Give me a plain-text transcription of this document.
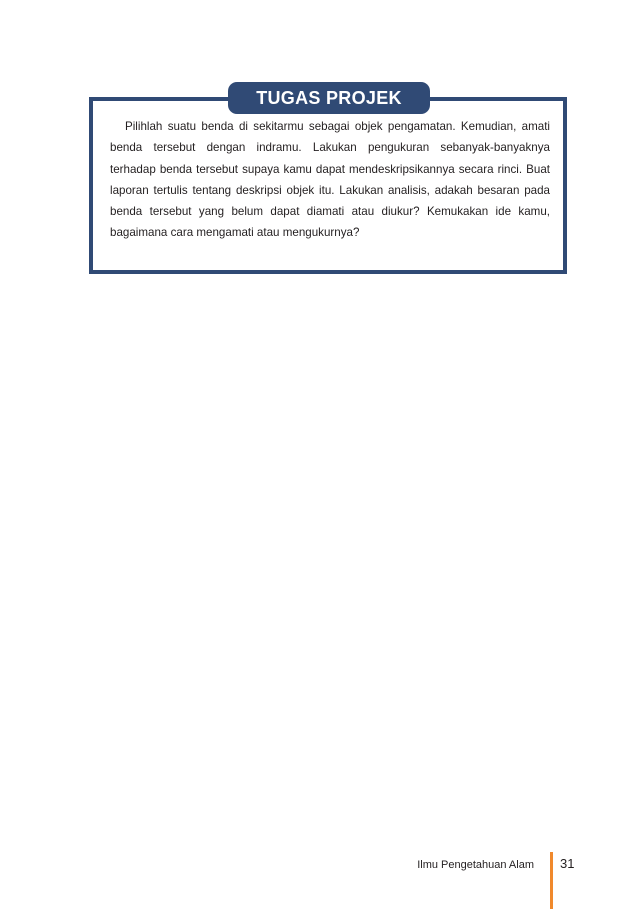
TUGAS PROJEK

Pilihlah suatu benda di sekitarmu sebagai objek pengamatan. Kemudian, amati benda tersebut dengan indramu. Lakukan pengukuran sebanyak-banyaknya terhadap benda tersebut supaya kamu dapat mendeskripsikannya secara rinci. Buat laporan tertulis tentang deskripsi objek itu. Lakukan analisis, adakah besaran pada benda tersebut yang belum dapat diamati atau diukur? Kemukakan ide kamu, bagaimana cara mengamati atau mengukurnya?

Ilmu Pengetahuan Alam 31
